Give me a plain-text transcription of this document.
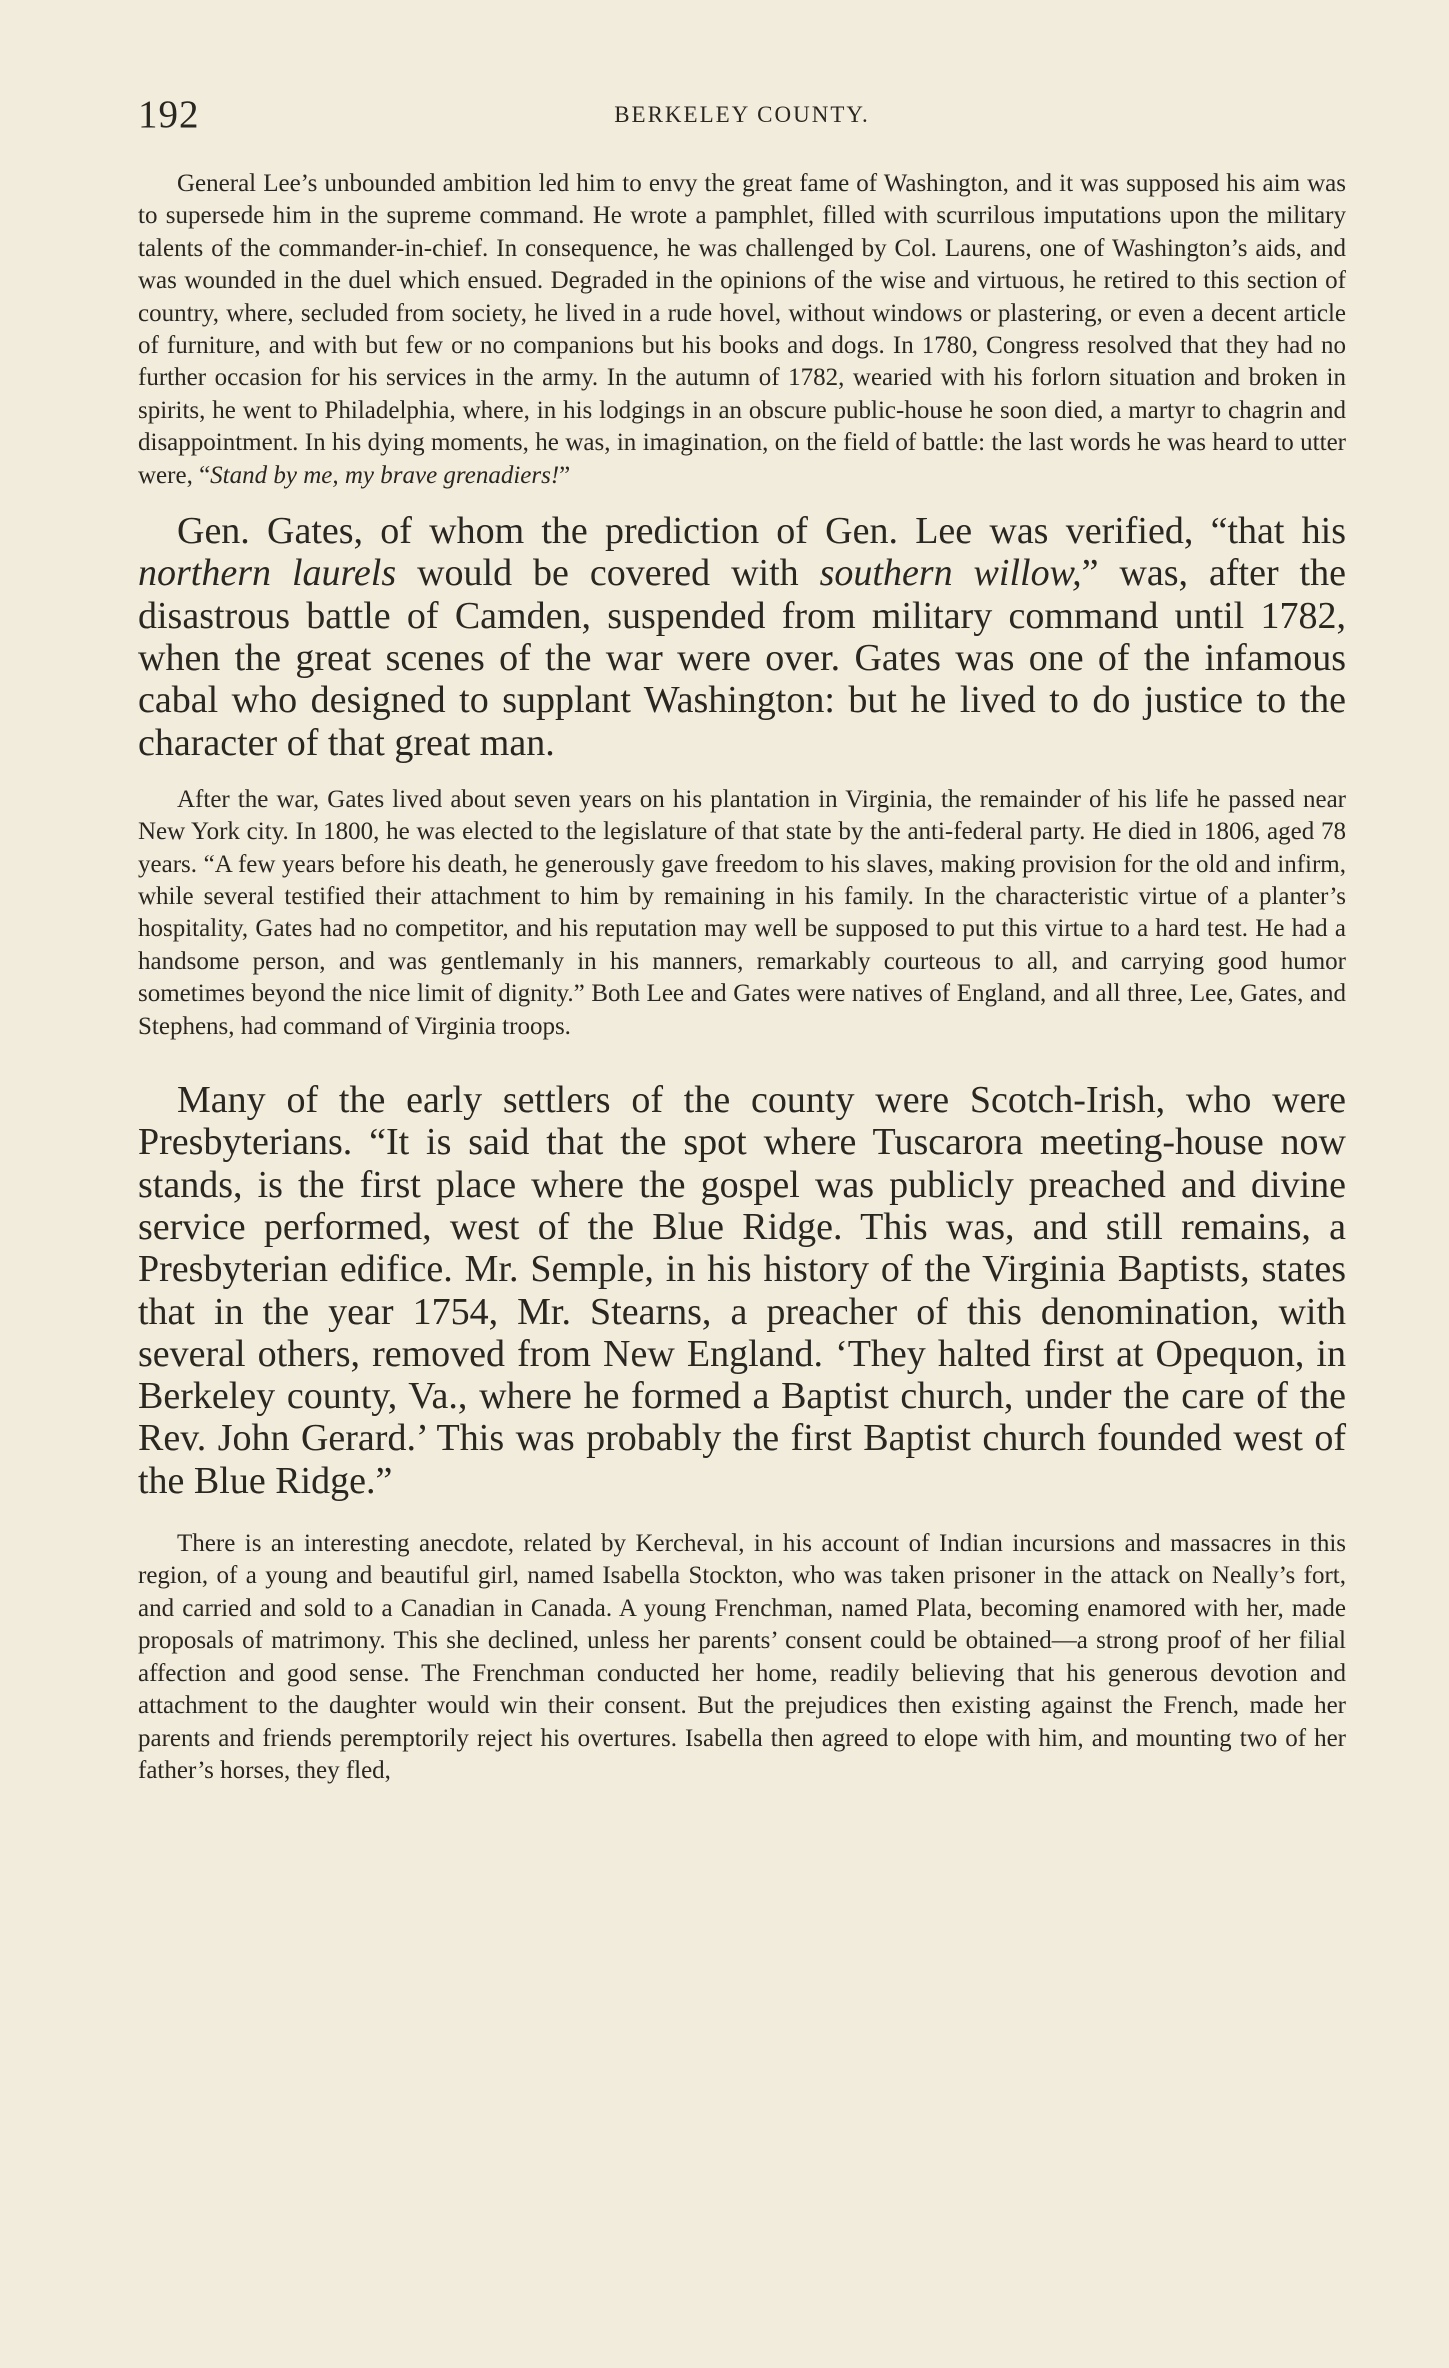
192	BERKELEY COUNTY.

General Lee’s unbounded ambition led him to envy the great fame of Washington, and it was supposed his aim was to supersede him in the supreme command. He wrote a pamphlet, filled with scurrilous imputations upon the military talents of the commander-in-chief. In consequence, he was challenged by Col. Laurens, one of Washington’s aids, and was wounded in the duel which ensued. Degraded in the opinions of the wise and virtuous, he retired to this section of country, where, secluded from society, he lived in a rude hovel, without windows or plastering, or even a decent article of furniture, and with but few or no companions but his books and dogs. In 1780, Congress resolved that they had no further occasion for his services in the army. In the autumn of 1782, wearied with his forlorn situation and broken in spirits, he went to Philadelphia, where, in his lodgings in an obscure public-house he soon died, a martyr to chagrin and disappointment. In his dying moments, he was, in imagination, on the field of battle: the last words he was heard to utter were, “Stand by me, my brave grenadiers!”

Gen. Gates, of whom the prediction of Gen. Lee was verified, “that his northern laurels would be covered with southern willow,” was, after the disastrous battle of Camden, suspended from military command until 1782, when the great scenes of the war were over. Gates was one of the infamous cabal who designed to supplant Washington: but he lived to do justice to the character of that great man.

After the war, Gates lived about seven years on his plantation in Virginia, the remainder of his life he passed near New York city. In 1800, he was elected to the legislature of that state by the anti-federal party. He died in 1806, aged 78 years. “A few years before his death, he generously gave freedom to his slaves, making provision for the old and infirm, while several testified their attachment to him by remaining in his family. In the characteristic virtue of a planter’s hospitality, Gates had no competitor, and his reputation may well be supposed to put this virtue to a hard test. He had a handsome person, and was gentlemanly in his manners, remarkably courteous to all, and carrying good humor sometimes beyond the nice limit of dignity.” Both Lee and Gates were natives of England, and all three, Lee, Gates, and Stephens, had command of Virginia troops.

Many of the early settlers of the county were Scotch-Irish, who were Presbyterians. “It is said that the spot where Tuscarora meeting-house now stands, is the first place where the gospel was publicly preached and divine service performed, west of the Blue Ridge. This was, and still remains, a Presbyterian edifice. Mr. Semple, in his history of the Virginia Baptists, states that in the year 1754, Mr. Stearns, a preacher of this denomination, with several others, removed from New England. ‘They halted first at Opequon, in Berkeley county, Va., where he formed a Baptist church, under the care of the Rev. John Gerard.’ This was probably the first Baptist church founded west of the Blue Ridge.”

There is an interesting anecdote, related by Kercheval, in his account of Indian incursions and massacres in this region, of a young and beautiful girl, named Isabella Stockton, who was taken prisoner in the attack on Neally’s fort, and carried and sold to a Canadian in Canada. A young Frenchman, named Plata, becoming enamored with her, made proposals of matrimony. This she declined, unless her parents’ consent could be obtained—a strong proof of her filial affection and good sense. The Frenchman conducted her home, readily believing that his generous devotion and attachment to the daughter would win their consent. But the prejudices then existing against the French, made her parents and friends peremptorily reject his overtures. Isabella then agreed to elope with him, and mounting two of her father’s horses, they fled,
